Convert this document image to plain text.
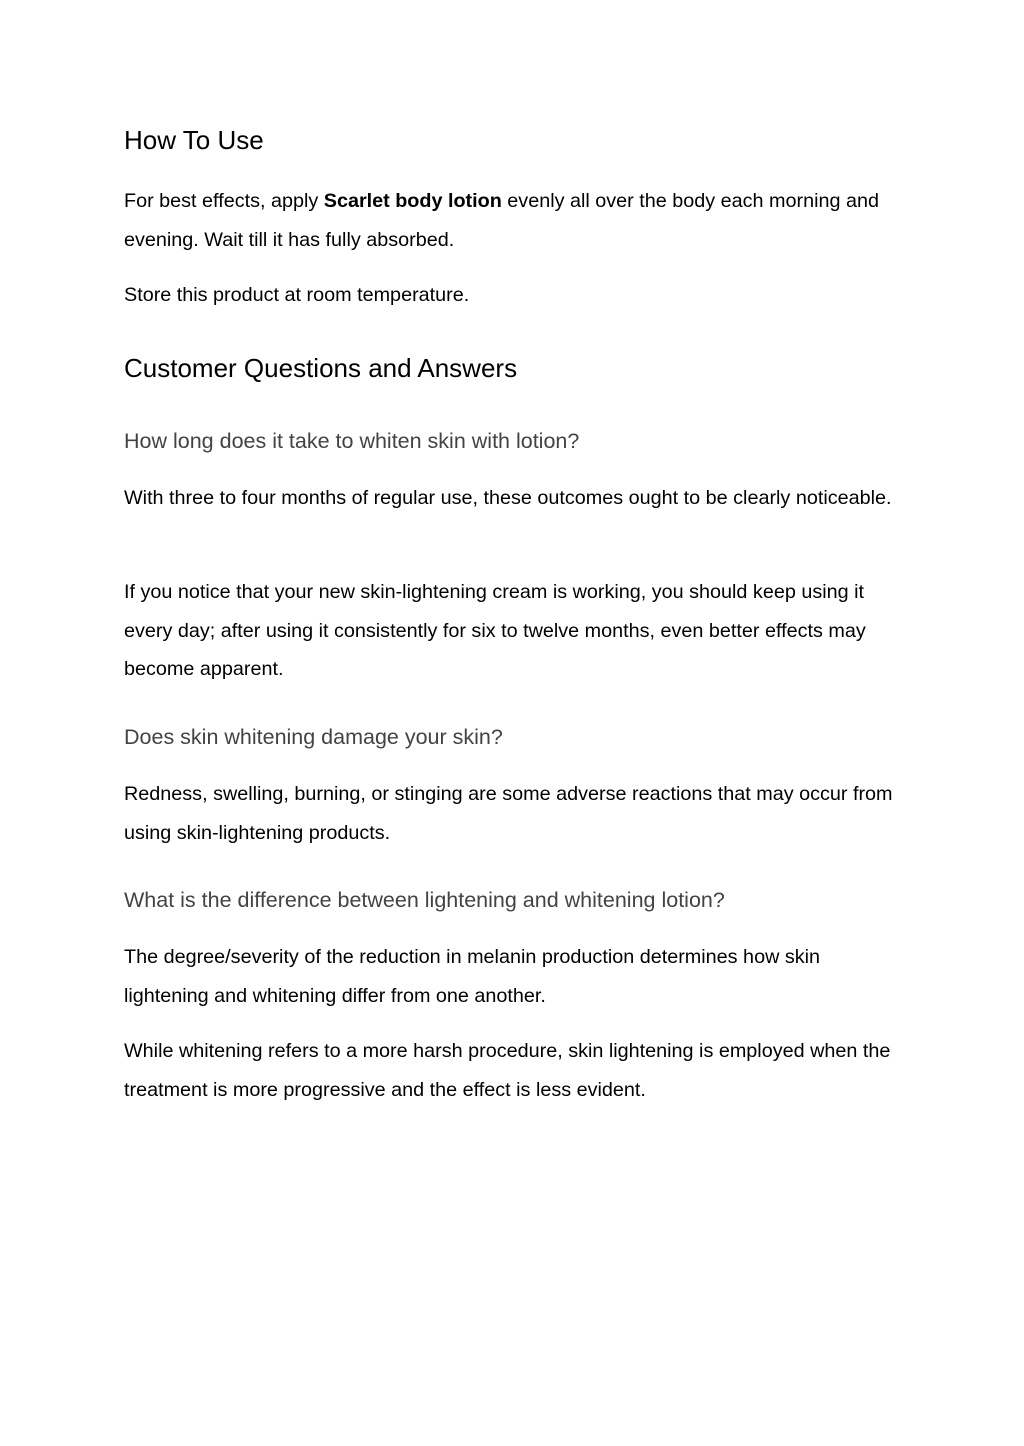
How To Use

For best effects, apply Scarlet body lotion evenly all over the body each morning and evening. Wait till it has fully absorbed.

Store this product at room temperature.

Customer Questions and Answers
How long does it take to whiten skin with lotion?

With three to four months of regular use, these outcomes ought to be clearly noticeable.

If you notice that your new skin-lightening cream is working, you should keep using it every day; after using it consistently for six to twelve months, even better effects may become apparent.

Does skin whitening damage your skin?

Redness, swelling, burning, or stinging are some adverse reactions that may occur from using skin-lightening products.

What is the difference between lightening and whitening lotion?

The degree/severity of the reduction in melanin production determines how skin lightening and whitening differ from one another.

While whitening refers to a more harsh procedure, skin lightening is employed when the treatment is more progressive and the effect is less evident.
